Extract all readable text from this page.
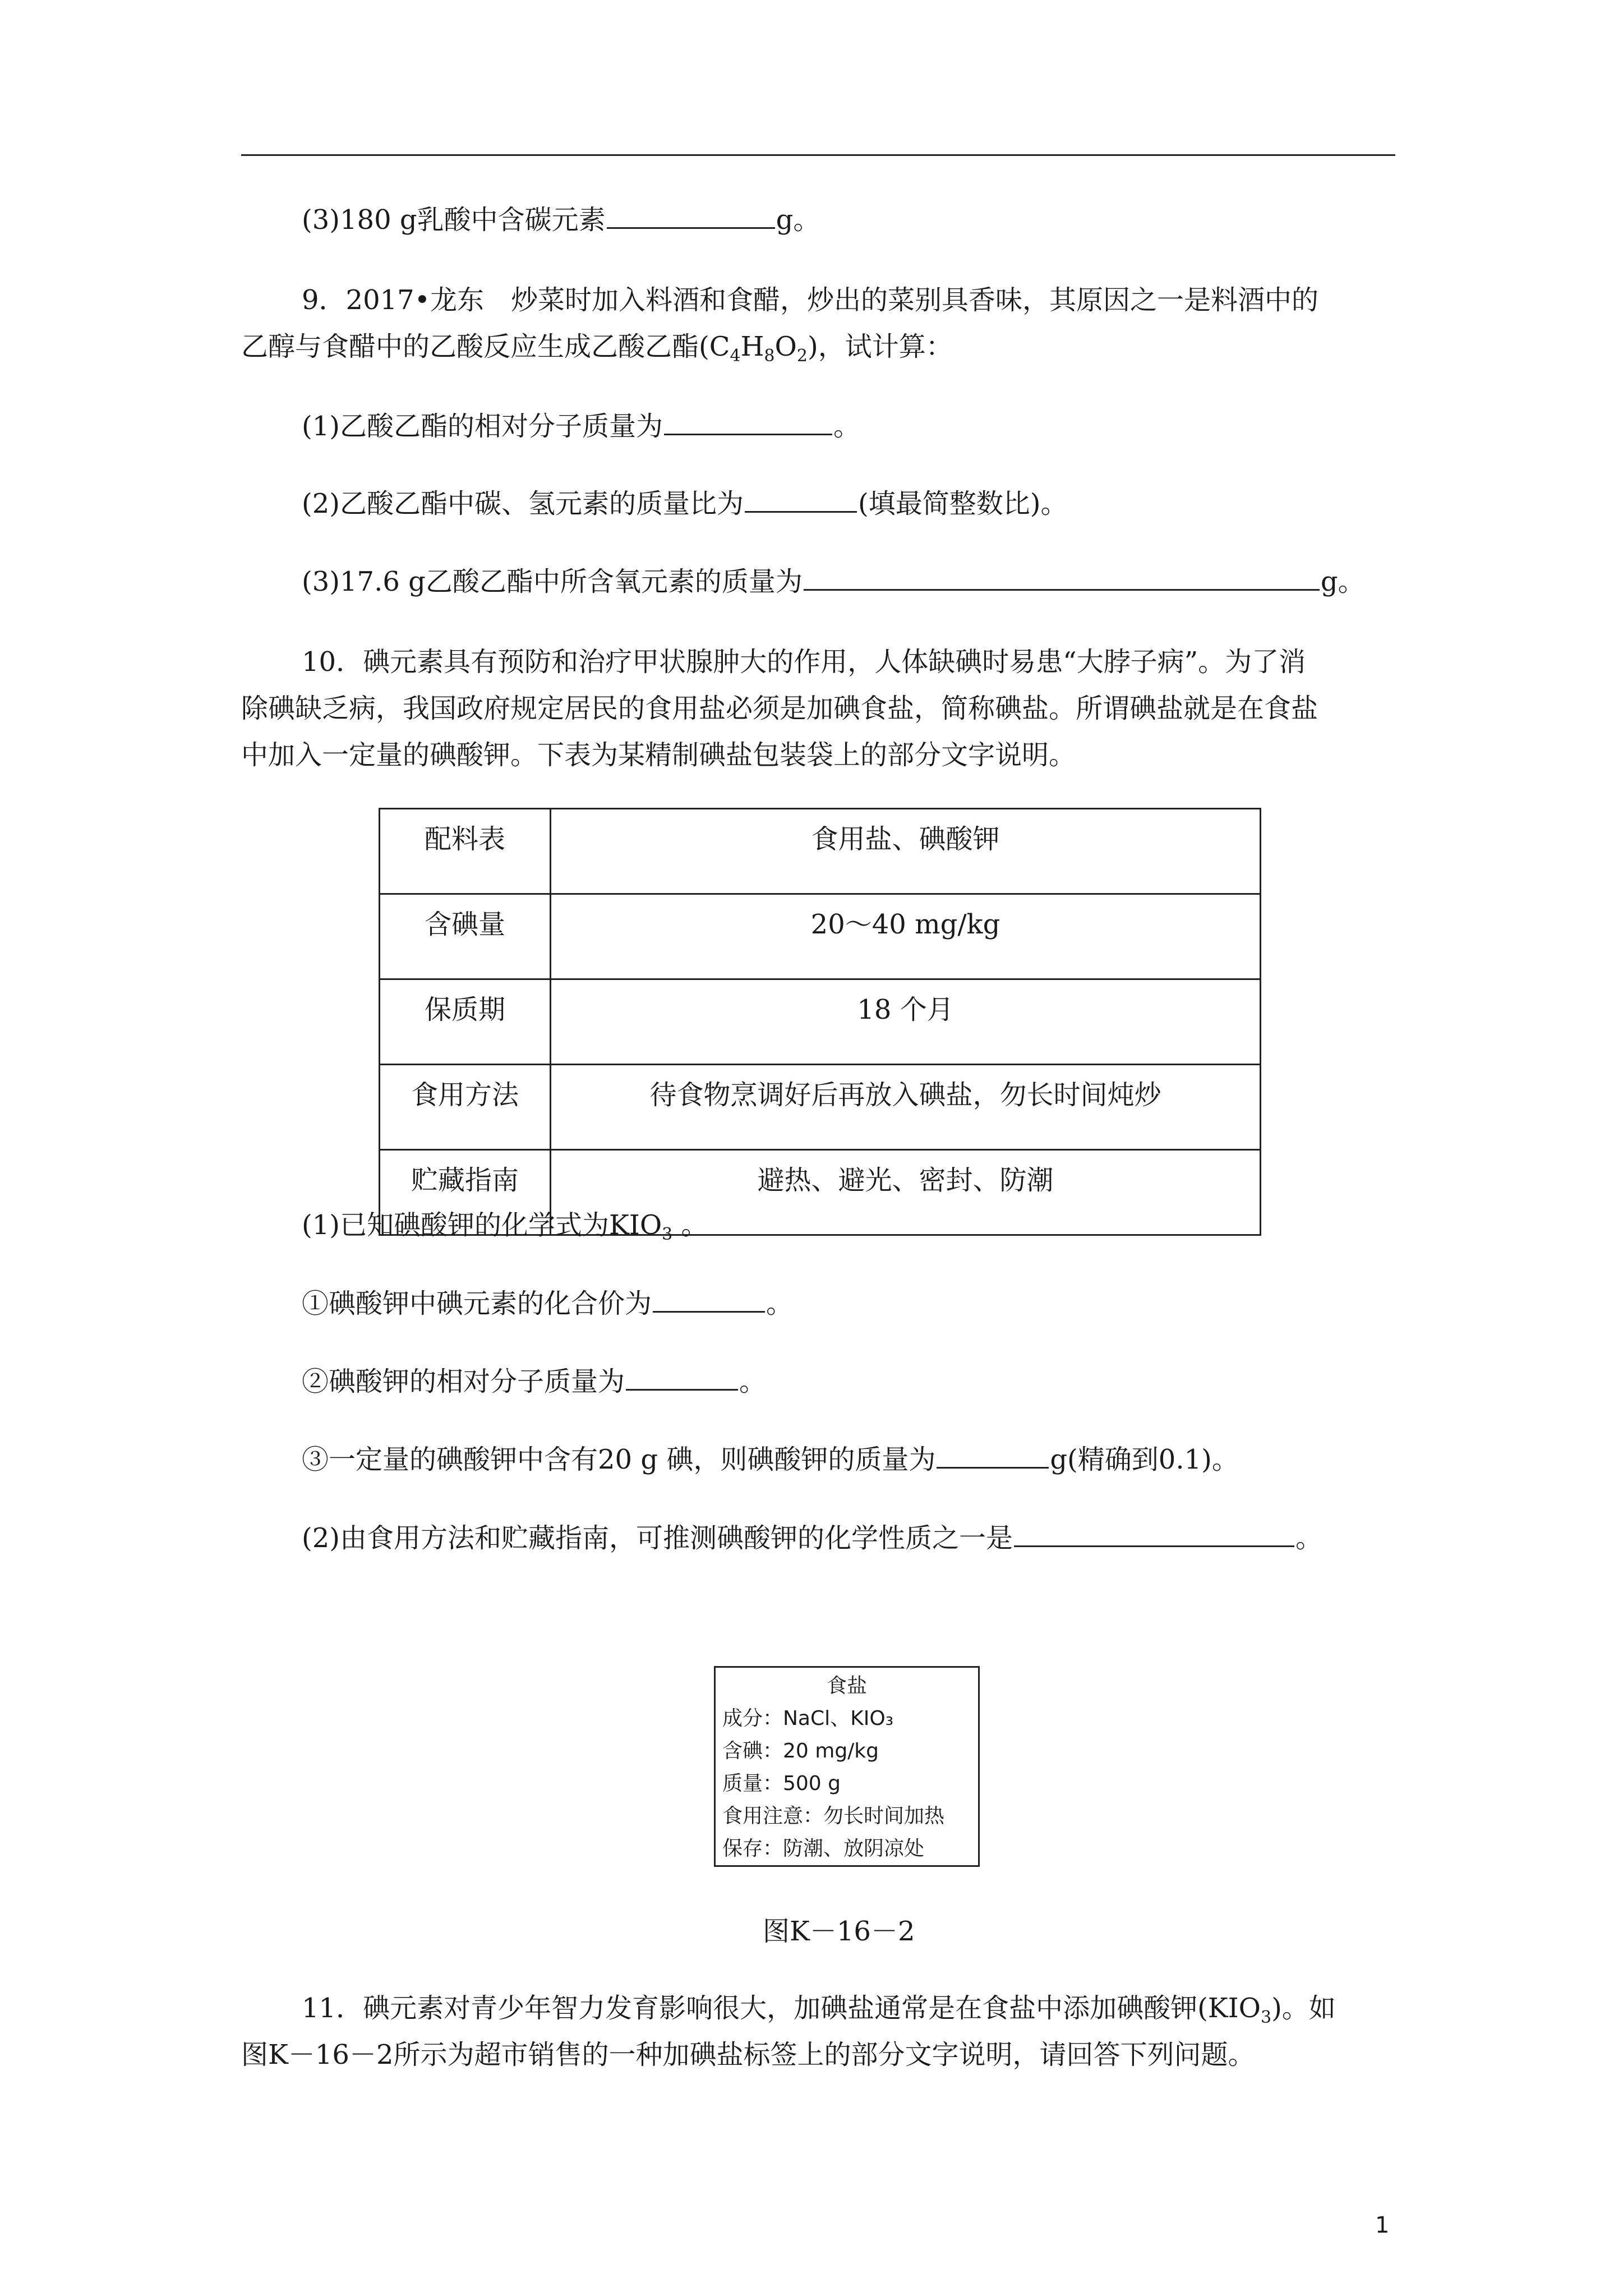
(3)180 g乳酸中含碳元素	g。
9．2017•龙东　炒菜时加入料酒和食醋，炒出的菜别具香味，其原因之一是料酒中的
乙醇与食醋中的乙酸反应生成乙酸乙酯$(C_4H_8O_2)$，试计算：
(1)乙酸乙酯的相对分子质量为	。
(2)乙酸乙酯中碳、氢元素的质量比为	(填最简整数比)。
(3)17.6 g乙酸乙酯中所含氧元素的质量为	g。
10．碘元素具有预防和治疗甲状腺肿大的作用，人体缺碘时易患“大脖子病”。为了消
除碘缺乏病，我国政府规定居民的食用盐必须是加碘食盐，简称碘盐。所谓碘盐就是在食盐
中加入一定量的碘酸钾。下表为某精制碘盐包装袋上的部分文字说明。
配料表	食用盐、碘酸钾
含碘量	20～40 mg/kg
保质期	18 个月
食用方法	待食物烹调好后再放入碘盐，勿长时间炖炒
贮藏指南	避热、避光、密封、防潮
(1)已知碘酸钾的化学式为$KIO_3$ 。
①碘酸钾中碘元素的化合价为	。
②碘酸钾的相对分子质量为	。
③一定量的碘酸钾中含有20 g 碘，则碘酸钾的质量为	g(精确到0.1)。
(2)由食用方法和贮藏指南，可推测碘酸钾的化学性质之一是	。
食盐
成分：NaCl、KIO₃
含碘：20 mg/kg
质量：500 g
食用注意：勿长时间加热
保存：防潮、放阴凉处
图K－16－2
11．碘元素对青少年智力发育影响很大，加碘盐通常是在食盐中添加碘酸钾$(KIO_3)$。如
图K－16－2所示为超市销售的一种加碘盐标签上的部分文字说明，请回答下列问题。
1
